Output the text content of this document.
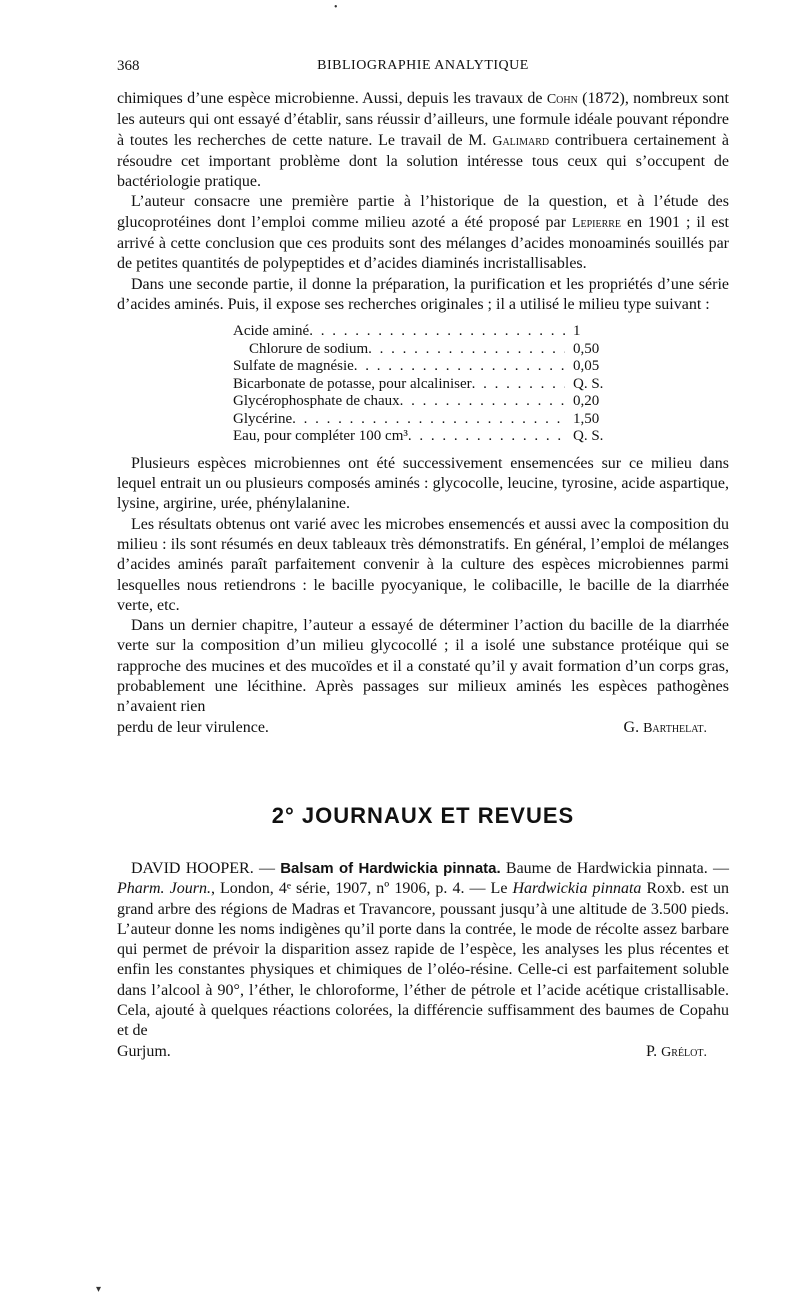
•
▾
368	BIBLIOGRAPHIE ANALYTIQUE

chimiques d’une espèce microbienne. Aussi, depuis les travaux de Cohn (1872), nombreux sont les auteurs qui ont essayé d’établir, sans réussir d’ailleurs, une formule idéale pouvant répondre à toutes les recherches de cette nature. Le travail de M. Galimard contribuera certainement à résoudre cet important problème dont la solution intéresse tous ceux qui s’occupent de bactériologie pratique.

L’auteur consacre une première partie à l’historique de la question, et à l’étude des glucoprotéines dont l’emploi comme milieu azoté a été proposé par Lepierre en 1901 ; il est arrivé à cette conclusion que ces produits sont des mélanges d’acides monoaminés souillés par de petites quantités de polypeptides et d’acides diaminés incristallisables.

Dans une seconde partie, il donne la préparation, la purification et les propriétés d’une série d’acides aminés. Puis, il expose ses recherches originales ; il a utilisé le milieu type suivant :

Acide aminé . . .	1
Chlorure de sodium . . .	0,50
Sulfate de magnésie . . .	0,05
Bicarbonate de potasse, pour alcaliniser . . .	Q. S.
Glycérophosphate de chaux . . .	0,20
Glycérine . . .	1,50
Eau, pour compléter 100 cm³ . . .	Q. S.

Plusieurs espèces microbiennes ont été successivement ensemencées sur ce milieu dans lequel entrait un ou plusieurs composés aminés : glycocolle, leucine, tyrosine, acide aspartique, lysine, argirine, urée, phénylalanine.

Les résultats obtenus ont varié avec les microbes ensemencés et aussi avec la composition du milieu : ils sont résumés en deux tableaux très démonstratifs. En général, l’emploi de mélanges d’acides aminés paraît parfaitement convenir à la culture des espèces microbiennes parmi lesquelles nous retiendrons : le bacille pyocyanique, le colibacille, le bacille de la diarrhée verte, etc.

Dans un dernier chapitre, l’auteur a essayé de déterminer l’action du bacille de la diarrhée verte sur la composition d’un milieu glycocollé ; il a isolé une substance protéique qui se rapproche des mucines et des mucoïdes et il a constaté qu’il y avait formation d’un corps gras, probablement une lécithine. Après passages sur milieux aminés les espèces pathogènes n’avaient rien

perdu de leur virulence.	G. Barthelat.

2° JOURNAUX ET REVUES

DAVID HOOPER. — Balsam of Hardwickia pinnata. Baume de Hardwickia pinnata. — Pharm. Journ., London, 4ᵉ série, 1907, nº 1906, p. 4. — Le Hardwickia pinnata Roxb. est un grand arbre des régions de Madras et Travancore, poussant jusqu’à une altitude de 3.500 pieds. L’auteur donne les noms indigènes qu’il porte dans la contrée, le mode de récolte assez barbare qui permet de prévoir la disparition assez rapide de l’espèce, les analyses les plus récentes et enfin les constantes physiques et chimiques de l’oléo-résine. Celle-ci est parfaitement soluble dans l’alcool à 90°, l’éther, le chloroforme, l’éther de pétrole et l’acide acétique cristallisable. Cela, ajouté à quelques réactions colorées, la différencie suffisamment des baumes de Copahu et de

Gurjum.	P. Grélot.
